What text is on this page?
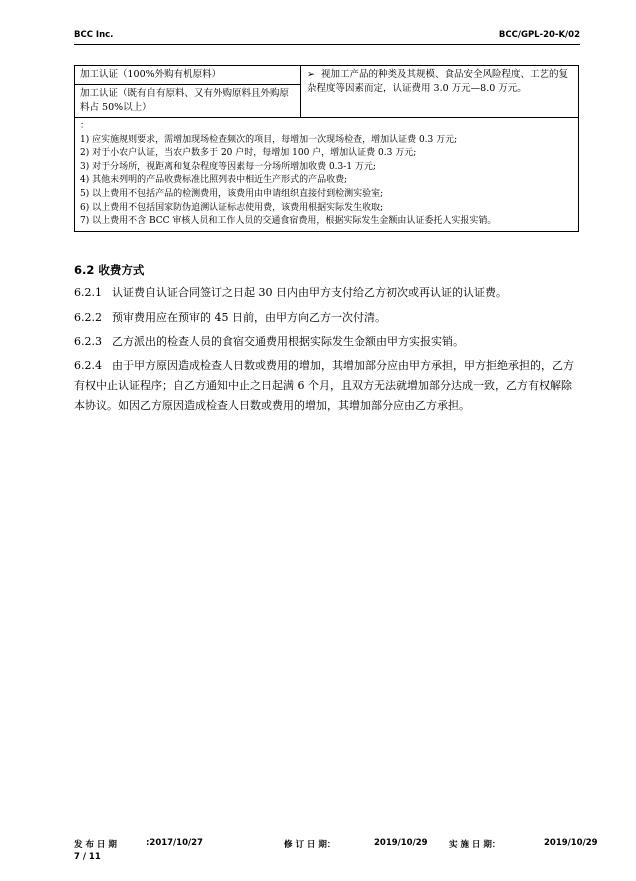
BCC Inc.	BCC/GPL-20-K/02
加工认证（100%外购有机原料）	➢ 视加工产品的种类及其规模、食品安全风险程度、工艺的复杂程度等因素而定，认证费用 3.0 万元—8.0 万元。
加工认证（既有自有原料、又有外购原料且外购原料占 50%以上）

：
1) 应实施规则要求，需增加现场检查频次的项目，每增加一次现场检查，增加认证费 0.3 万元;
2) 对于小农户认证，当农户数多于 20 户时，每增加 100 户，增加认证费 0.3 万元;
3) 对于分场所，视距离和复杂程度等因素每一分场所增加收费 0.3-1 万元;
4) 其他未列明的产品收费标准比照列表中相近生产形式的产品收费;
5) 以上费用不包括产品的检测费用，该费用由申请组织直接付到检测实验室;
6) 以上费用不包括国家防伪追溯认证标志使用费，该费用根据实际发生收取;
7) 以上费用不含 BCC 审核人员和工作人员的交通食宿费用，根据实际发生金额由认证委托人实报实销。
6.2 收费方式
6.2.1 认证费自认证合同签订之日起 30 日内由甲方支付给乙方初次或再认证的认证费。
6.2.2 预审费用应在预审的 45 日前，由甲方向乙方一次付清。
6.2.3 乙方派出的检查人员的食宿交通费用根据实际发生金额由甲方实报实销。
6.2.4 由于甲方原因造成检查人日数或费用的增加，其增加部分应由甲方承担，甲方拒绝承担的，乙方有权中止认证程序；自乙方通知中止之日起满 6 个月，且双方无法就增加部分达成一致，乙方有权解除本协议。如因乙方原因造成检查人日数或费用的增加，其增加部分应由乙方承担。
发 布 日 期	:2017/10/27	修 订 日 期：	2019/10/29	实 施 日 期：	2019/10/29
7 / 11
